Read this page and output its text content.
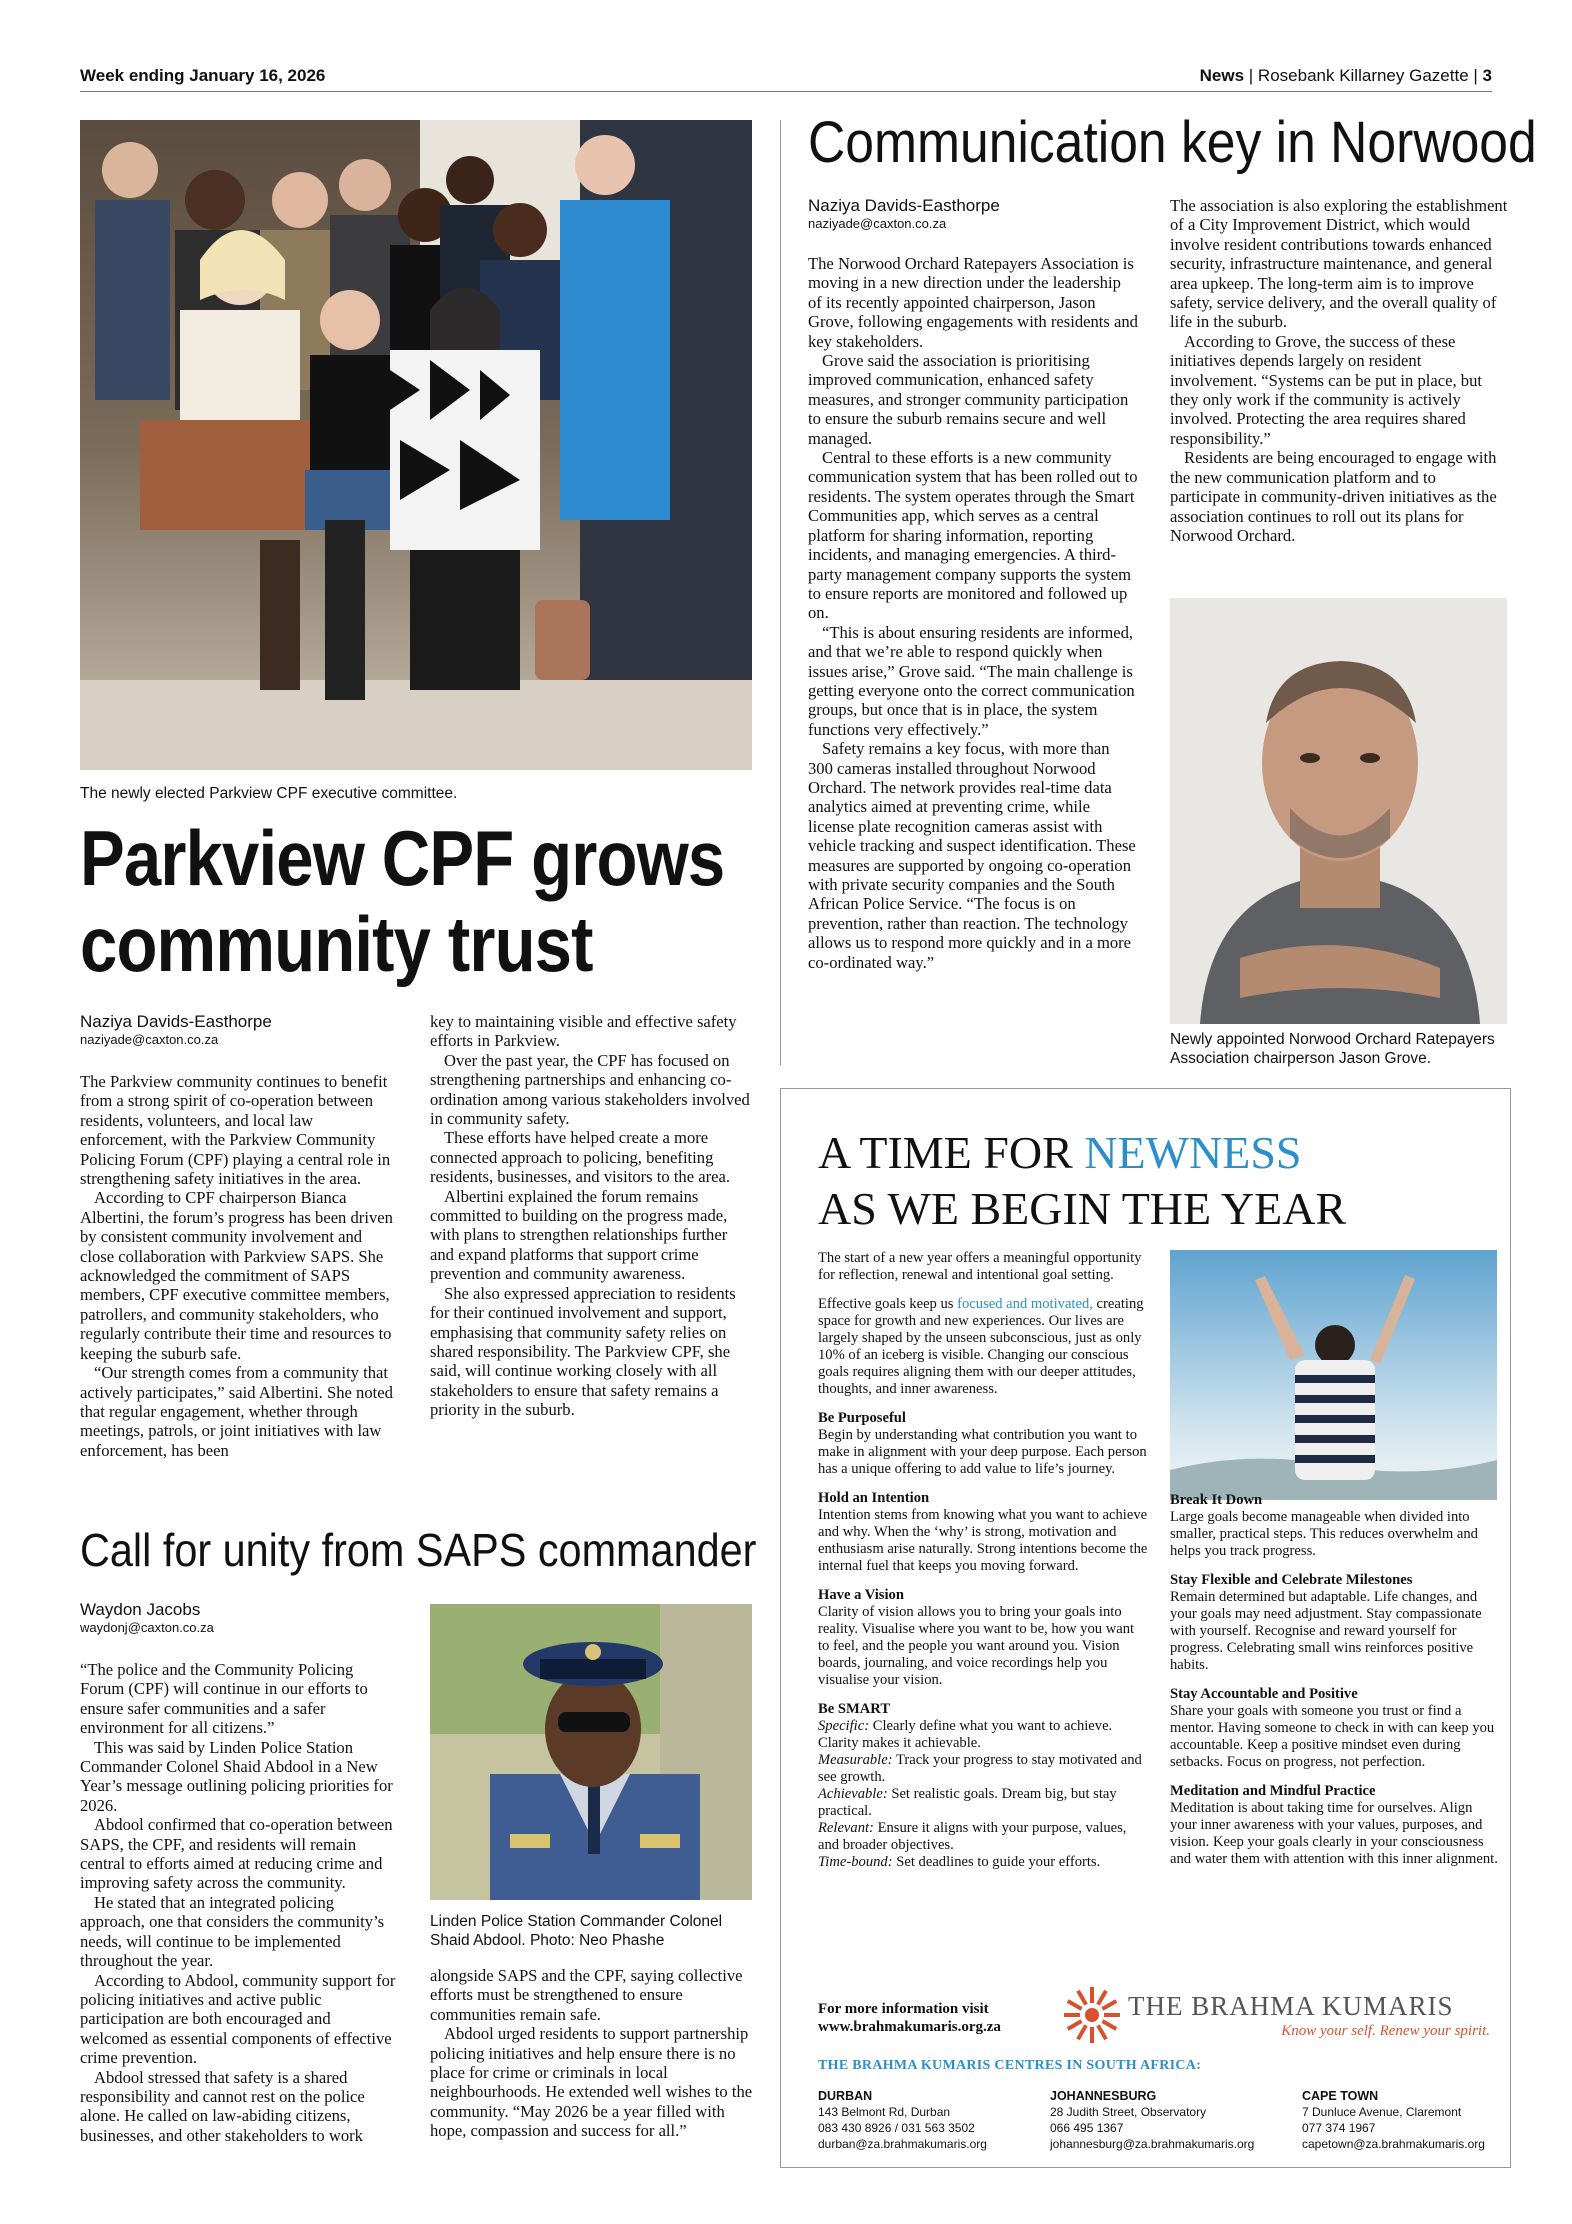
Week ending January 16, 2026	News | Rosebank Killarney Gazette | 3
The newly elected Parkview CPF executive committee.
Parkview CPF grows
community trust
Naziya Davids-Easthorpe
naziyade@caxton.co.za

The Parkview community continues to benefit from a strong spirit of co-operation between residents, volunteers, and local law enforcement, with the Parkview Community Policing Forum (CPF) playing a central role in strengthening safety initiatives in the area.

According to CPF chairperson Bianca Albertini, the forum’s progress has been driven by consistent community involvement and close collaboration with Parkview SAPS. She acknowledged the commitment of SAPS members, CPF executive committee members, patrollers, and community stakeholders, who regularly contribute their time and resources to keeping the suburb safe.

“Our strength comes from a community that actively participates,” said Albertini. She noted that regular engagement, whether through meetings, patrols, or joint initiatives with law enforcement, has been

key to maintaining visible and effective safety efforts in Parkview.

Over the past year, the CPF has focused on strengthening partnerships and enhancing co-ordination among various stakeholders involved in community safety.

These efforts have helped create a more connected approach to policing, benefiting residents, businesses, and visitors to the area.

Albertini explained the forum remains committed to building on the progress made, with plans to strengthen relationships further and expand platforms that support crime prevention and community awareness.

She also expressed appreciation to residents for their continued involvement and support, emphasising that community safety relies on shared responsibility. The Parkview CPF, she said, will continue working closely with all stakeholders to ensure that safety remains a priority in the suburb.

Call for unity from SAPS commander
Waydon Jacobs
waydonj@caxton.co.za

“The police and the Community Policing Forum (CPF) will continue in our efforts to ensure safer communities and a safer environment for all citizens.”

This was said by Linden Police Station Commander Colonel Shaid Abdool in a New Year’s message outlining policing priorities for 2026.

Abdool confirmed that co-operation between SAPS, the CPF, and residents will remain central to efforts aimed at reducing crime and improving safety across the community.

He stated that an integrated policing approach, one that considers the community’s needs, will continue to be implemented throughout the year.

According to Abdool, community support for policing initiatives and active public participation are both encouraged and welcomed as essential components of effective crime prevention.

Abdool stressed that safety is a shared responsibility and cannot rest on the police alone. He called on law-abiding citizens, businesses, and other stakeholders to work

Linden Police Station Commander Colonel Shaid Abdool. Photo: Neo Phashe

alongside SAPS and the CPF, saying collective efforts must be strengthened to ensure communities remain safe.

Abdool urged residents to support partnership policing initiatives and help ensure there is no place for crime or criminals in local neighbourhoods. He extended well wishes to the community. “May 2026 be a year filled with hope, compassion and success for all.”

Communication key in Norwood
Naziya Davids-Easthorpe
naziyade@caxton.co.za

The Norwood Orchard Ratepayers Association is moving in a new direction under the leadership of its recently appointed chairperson, Jason Grove, following engagements with residents and key stakeholders.

Grove said the association is prioritising improved communication, enhanced safety measures, and stronger community participation to ensure the suburb remains secure and well managed.

Central to these efforts is a new community communication system that has been rolled out to residents. The system operates through the Smart Communities app, which serves as a central platform for sharing information, reporting incidents, and managing emergencies. A third-party management company supports the system to ensure reports are monitored and followed up on.

“This is about ensuring residents are informed, and that we’re able to respond quickly when issues arise,” Grove said. “The main challenge is getting everyone onto the correct communication groups, but once that is in place, the system functions very effectively.”

Safety remains a key focus, with more than 300 cameras installed throughout Norwood Orchard. The network provides real-time data analytics aimed at preventing crime, while license plate recognition cameras assist with vehicle tracking and suspect identification. These measures are supported by ongoing co-operation with private security companies and the South African Police Service. “The focus is on prevention, rather than reaction. The technology allows us to respond more quickly and in a more co-ordinated way.”

The association is also exploring the establishment of a City Improvement District, which would involve resident contributions towards enhanced security, infrastructure maintenance, and general area upkeep. The long-term aim is to improve safety, service delivery, and the overall quality of life in the suburb.

According to Grove, the success of these initiatives depends largely on resident involvement. “Systems can be put in place, but they only work if the community is actively involved. Protecting the area requires shared responsibility.”

Residents are being encouraged to engage with the new communication platform and to participate in community-driven initiatives as the association continues to roll out its plans for Norwood Orchard.

Newly appointed Norwood Orchard Ratepayers Association chairperson Jason Grove.
A TIME FOR NEWNESS
AS WE BEGIN THE YEAR

The start of a new year offers a meaningful opportunity for reflection, renewal and intentional goal setting.

Effective goals keep us focused and motivated, creating space for growth and new experiences. Our lives are largely shaped by the unseen subconscious, just as only 10% of an iceberg is visible. Changing our conscious goals requires aligning them with our deeper attitudes, thoughts, and inner awareness.

Be Purposeful

Begin by understanding what contribution you want to make in alignment with your deep purpose. Each person has a unique offering to add value to life’s journey.

Hold an Intention

Intention stems from knowing what you want to achieve and why. When the ‘why’ is strong, motivation and enthusiasm arise naturally. Strong intentions become the internal fuel that keeps you moving forward.

Have a Vision

Clarity of vision allows you to bring your goals into reality. Visualise where you want to be, how you want to feel, and the people you want around you. Vision boards, journaling, and voice recordings help you visualise your vision.

Be SMART

Specific: Clearly define what you want to achieve. Clarity makes it achievable.

Measurable: Track your progress to stay motivated and see growth.

Achievable: Set realistic goals. Dream big, but stay practical.

Relevant: Ensure it aligns with your purpose, values, and broader objectives.

Time-bound: Set deadlines to guide your efforts.

Break It Down

Large goals become manageable when divided into smaller, practical steps. This reduces overwhelm and helps you track progress.

Stay Flexible and Celebrate Milestones

Remain determined but adaptable. Life changes, and your goals may need adjustment. Stay compassionate with yourself. Recognise and reward yourself for progress. Celebrating small wins reinforces positive habits.

Stay Accountable and Positive

Share your goals with someone you trust or find a mentor. Having someone to check in with can keep you accountable. Keep a positive mindset even during setbacks. Focus on progress, not perfection.

Meditation and Mindful Practice

Meditation is about taking time for ourselves. Align your inner awareness with your values, purposes, and vision. Keep your goals clearly in your consciousness and water them with attention with this inner alignment.

For more information visit
www.brahmakumaris.org.za
THE BRAHMA KUMARIS
Know your self. Renew your spirit.
THE BRAHMA KUMARIS CENTRES IN SOUTH AFRICA:
DURBAN
143 Belmont Rd, Durban
083 430 8926 / 031 563 3502
durban@za.brahmakumaris.org
JOHANNESBURG
28 Judith Street, Observatory
066 495 1367
johannesburg@za.brahmakumaris.org
CAPE TOWN
7 Dunluce Avenue, Claremont
077 374 1967
capetown@za.brahmakumaris.org
